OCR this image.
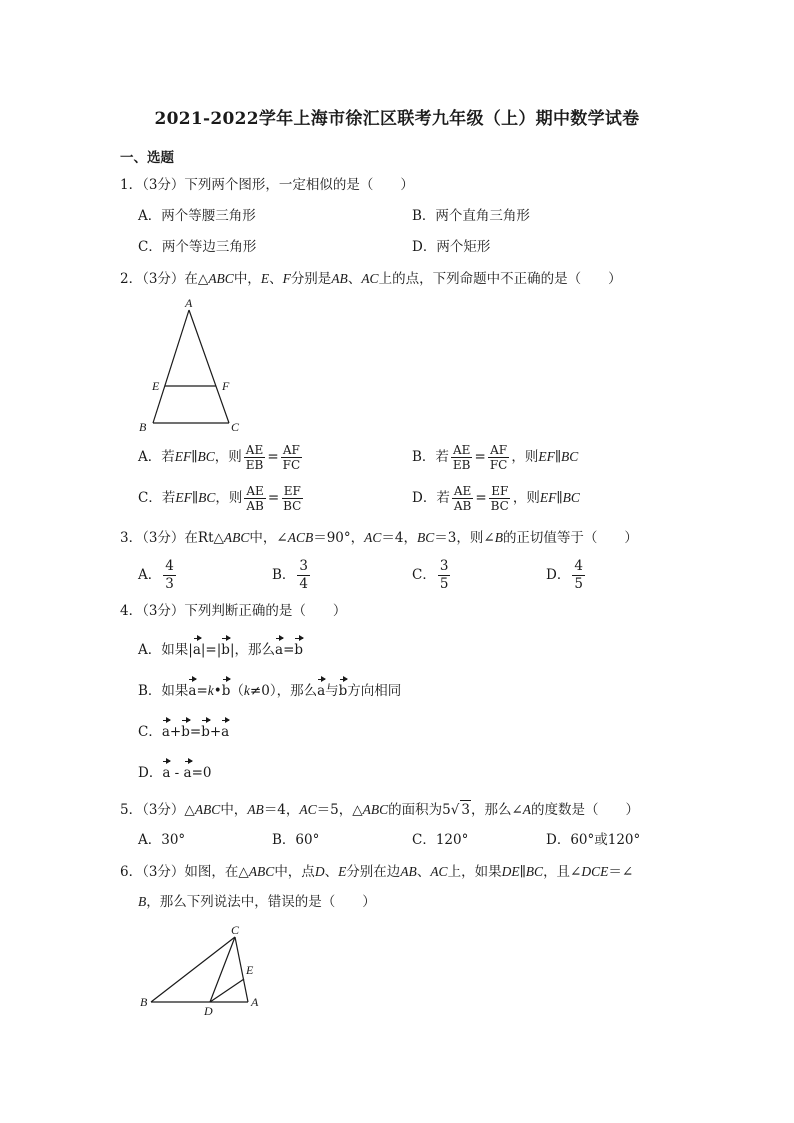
2021-2022学年上海市徐汇区联考九年级（上）期中数学试卷
一、选题
1．（3分）下列两个图形，一定相似的是（　　）
A．两个等腰三角形	B．两个直角三角形
C．两个等边三角形	D．两个矩形
2．（3分）在△ABC中，E、F分别是AB、AC上的点，下列命题中不正确的是（　　）
A
E	F
B	C
A．若EF∥BC，则 $\frac{AE}{EB} = \frac{AF}{FC}$	B．若 $\frac{AE}{EB} = \frac{AF}{FC}$ ，则EF∥BC
C．若EF∥BC，则 $\frac{AE}{AB} = \frac{EF}{BC}$	D．若 $\frac{AE}{AB} = \frac{EF}{BC}$ ，则EF∥BC
3．（3分）在Rt△ABC中，∠ACB＝90°，AC＝4，BC＝3，则∠B的正切值等于（　　）
A． $\frac{4}{3}$	B． $\frac{3}{4}$	C． $\frac{3}{5}$	D． $\frac{4}{5}$
4．（3分）下列判断正确的是（　　）
A．如果|a|=|b|，那么a=b
B．如果a=k•b（k≠0），那么a与b方向相同
C．a+b=b+a
D．a - a=0
5．（3分）△ABC中，AB＝4，AC＝5，△ABC的面积为5√ 3，那么∠A的度数是（　　）
A．30°	B．60°	C．120°	D．60°或120°
6．（3分）如图，在△ABC中，点D、E分别在边AB、AC上，如果DE∥BC，且∠DCE＝∠
B，那么下列说法中，错误的是（　　）
C
E
B	A
D
